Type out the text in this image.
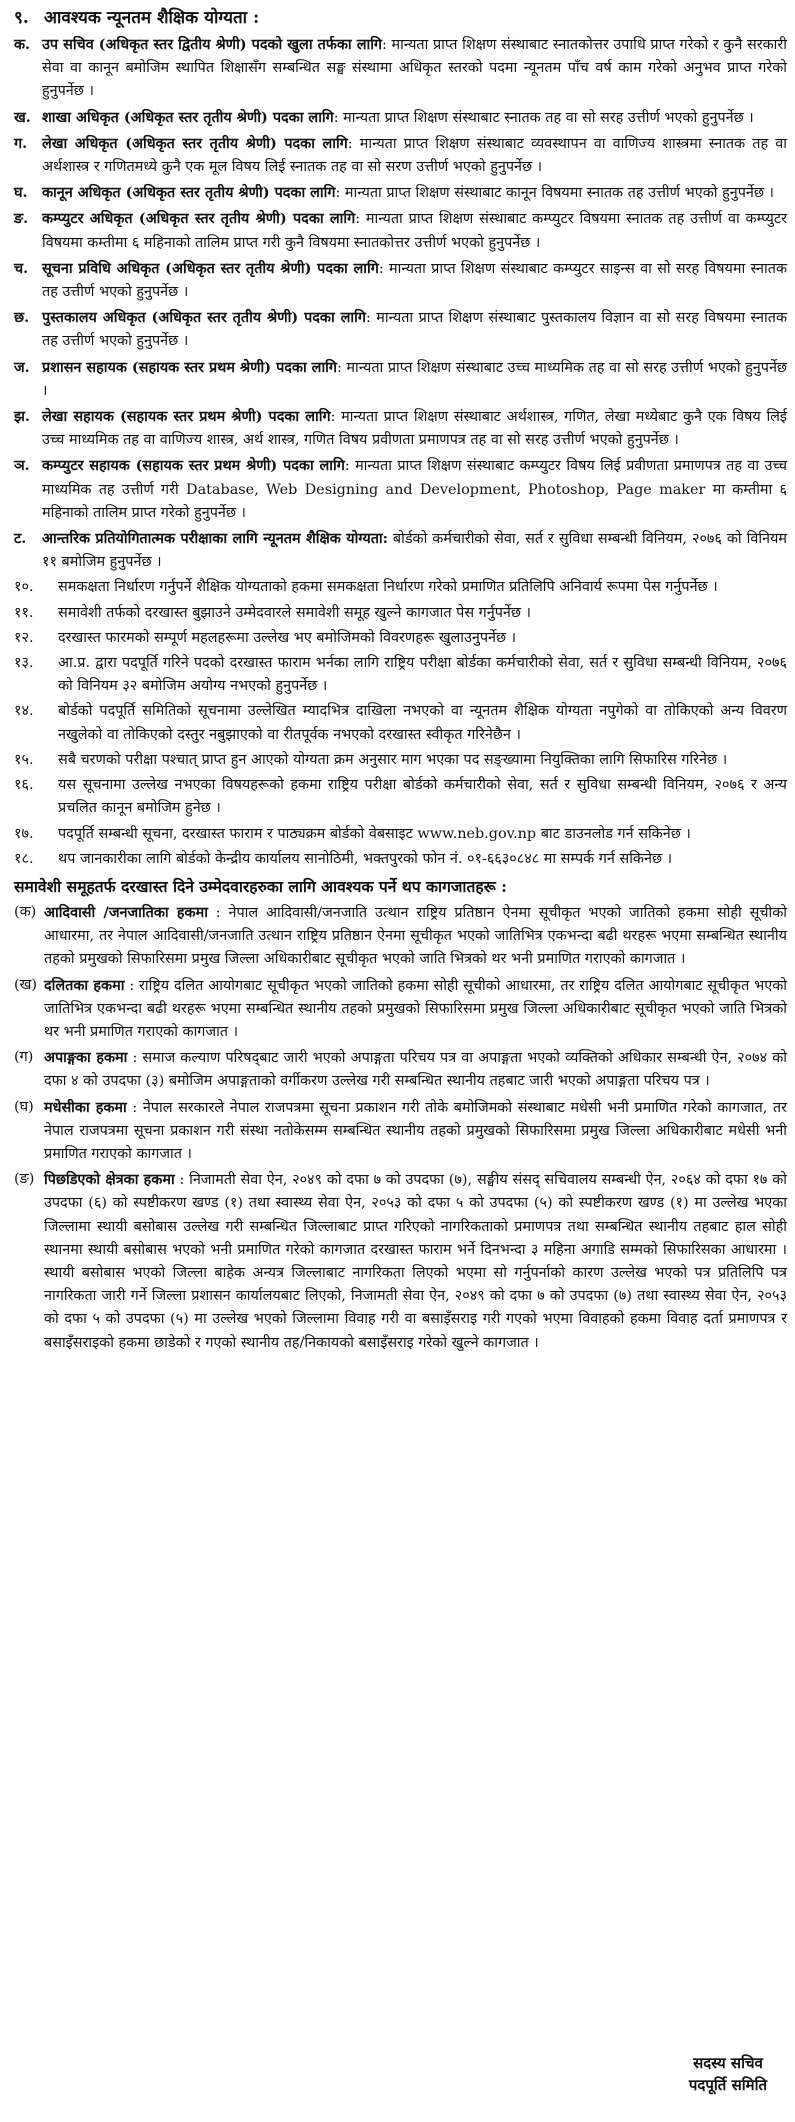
९. आवश्यक न्यूनतम शैक्षिक योग्यता :
क. उप सचिव (अधिकृत स्तर द्वितीय श्रेणी) पदको खुला तर्फका लागि: मान्यता प्राप्त शिक्षण संस्थाबाट स्नातकोत्तर उपाधि प्राप्त गरेको र कुनै सरकारी सेवा वा कानून बमोजिम स्थापित शिक्षासँग सम्बन्धित सङ्घ संस्थामा अधिकृत स्तरको पदमा न्यूनतम पाँच वर्ष काम गरेको अनुभव प्राप्त गरेको हुनुपर्नेछ ।
ख. शाखा अधिकृत (अधिकृत स्तर तृतीय श्रेणी) पदका लागि: मान्यता प्राप्त शिक्षण संस्थाबाट स्नातक तह वा सो सरह उत्तीर्ण भएको हुनुपर्नेछ ।
ग.	लेखा अधिकृत (अधिकृत स्तर तृतीय श्रेणी) पदका लागि: मान्यता प्राप्त शिक्षण संस्थाबाट व्यवस्थापन वा वाणिज्य शास्त्रमा स्नातक तह वा अर्थशास्त्र र गणितमध्ये कुनै एक मूल विषय लिई स्नातक तह वा सो सरण उत्तीर्ण भएको हुनुपर्नेछ ।
घ.	कानून अधिकृत (अधिकृत स्तर तृतीय श्रेणी) पदका लागि: मान्यता प्राप्त शिक्षण संस्थाबाट कानून विषयमा स्नातक तह उत्तीर्ण भएको हुनुपर्नेछ ।
ङ. कम्प्युटर अधिकृत (अधिकृत स्तर तृतीय श्रेणी) पदका लागि: मान्यता प्राप्त शिक्षण संस्थाबाट कम्प्युटर विषयमा स्नातक तह उत्तीर्ण वा कम्प्युटर विषयमा कम्तीमा ६ महिनाको तालिम प्राप्त गरी कुनै विषयमा स्नातकोत्तर उत्तीर्ण भएको हुनुपर्नेछ ।
च. सूचना प्रविधि अधिकृत (अधिकृत स्तर तृतीय श्रेणी) पदका लागि: मान्यता प्राप्त शिक्षण संस्थाबाट कम्प्युटर साइन्स वा सो सरह विषयमा स्नातक तह उत्तीर्ण भएको हुनुपर्नेछ ।
छ. पुस्तकालय अधिकृत (अधिकृत स्तर तृतीय श्रेणी) पदका लागि: मान्यता प्राप्त शिक्षण संस्थाबाट पुस्तकालय विज्ञान वा सो सरह विषयमा स्नातक तह उत्तीर्ण भएको हुनुपर्नेछ ।
ज. प्रशासन सहायक (सहायक स्तर प्रथम श्रेणी) पदका लागि: मान्यता प्राप्त शिक्षण संस्थाबाट उच्च माध्यमिक तह वा सो सरह उत्तीर्ण भएको हुनुपर्नेछ ।
झ. लेखा सहायक (सहायक स्तर प्रथम श्रेणी) पदका लागि: मान्यता प्राप्त शिक्षण संस्थाबाट अर्थशास्त्र, गणित, लेखा मध्येबाट कुनै एक विषय लिई उच्च माध्यमिक तह वा वाणिज्य शास्त्र, अर्थ शास्त्र, गणित विषय प्रवीणता प्रमाणपत्र तह वा सो सरह उत्तीर्ण भएको हुनुपर्नेछ ।
ञ. कम्प्युटर सहायक (सहायक स्तर प्रथम श्रेणी) पदका लागि: मान्यता प्राप्त शिक्षण संस्थाबाट कम्प्युटर विषय लिई प्रवीणता प्रमाणपत्र तह वा उच्च माध्यमिक तह उत्तीर्ण गरी Database, Web Designing and Development, Photoshop, Page maker मा कम्तीमा ६ महिनाको तालिम प्राप्त गरेको हुनुपर्नेछ ।
ट.	आन्तरिक प्रतियोगितात्मक परीक्षाका लागि न्यूनतम शैक्षिक योग्यता: बोर्डको कर्मचारीको सेवा, सर्त र सुविधा सम्बन्धी विनियम, २०७६ को विनियम ११ बमोजिम हुनुपर्नेछ ।
१०.	समकक्षता निर्धारण गर्नुपर्ने शैक्षिक योग्यताको हकमा समकक्षता निर्धारण गरेको प्रमाणित प्रतिलिपि अनिवार्य रूपमा पेस गर्नुपर्नेछ ।
११.	समावेशी तर्फको दरखास्त बुझाउने उम्मेदवारले समावेशी समूह खुल्ने कागजात पेस गर्नुपर्नेछ ।
१२.	दरखास्त फारमको सम्पूर्ण महलहरूमा उल्लेख भए बमोजिमको विवरणहरू खुलाउनुपर्नेछ ।
१३.	आ.प्र. द्वारा पदपूर्ति गरिने पदको दरखास्त फाराम भर्नका लागि राष्ट्रिय परीक्षा बोर्डका कर्मचारीको सेवा, सर्त र सुविधा सम्बन्धी विनियम, २०७६ को विनियम ३२ बमोजिम अयोग्य नभएको हुनुपर्नेछ ।
१४.	बोर्डको पदपूर्ति समितिको सूचनामा उल्लेखित म्यादभित्र दाखिला नभएको वा न्यूनतम शैक्षिक योग्यता नपुगेको वा तोकिएको अन्य विवरण नखुलेको वा तोकिएको दस्तुर नबुझाएको वा रीतपूर्वक नभएको दरखास्त स्वीकृत गरिनेछैन ।
१५.	सबै चरणको परीक्षा पश्चात् प्राप्त हुन आएको योग्यता क्रम अनुसार माग भएका पद सङ्ख्यामा नियुक्तिका लागि सिफारिस गरिनेछ ।
१६.	यस सूचनामा उल्लेख नभएका विषयहरूको हकमा राष्ट्रिय परीक्षा बोर्डको कर्मचारीको सेवा, सर्त र सुविधा सम्बन्धी विनियम, २०७६ र अन्य प्रचलित कानून बमोजिम हुनेछ ।
१७.	पदपूर्ति सम्बन्धी सूचना, दरखास्त फाराम र पाठ्यक्रम बोर्डको वेबसाइट www.neb.gov.np बाट डाउनलोड गर्न सकिनेछ ।
१८.	थप जानकारीका लागि बोर्डको केन्द्रीय कार्यालय सानोठिमी, भक्तपुरको फोन नं. ०१-६६३०८४८ मा सम्पर्क गर्न सकिनेछ ।
समावेशी समूहतर्फ दरखास्त दिने उम्मेदवारहरुका लागि आवश्यक पर्ने थप कागजातहरू :
(क) आदिवासी /जनजातिका हकमा : नेपाल आदिवासी/जनजाति उत्थान राष्ट्रिय प्रतिष्ठान ऐनमा सूचीकृत भएको जातिको हकमा सोही सूचीको आधारमा, तर नेपाल आदिवासी/जनजाति उत्थान राष्ट्रिय प्रतिष्ठान ऐनमा सूचीकृत भएको जातिभित्र एकभन्दा बढी थरहरू भएमा सम्बन्धित स्थानीय तहको प्रमुखको सिफारिसमा प्रमुख जिल्ला अधिकारीबाट सूचीकृत भएको जाति भित्रको थर भनी प्रमाणित गराएको कागजात ।
(ख) दलितका हकमा : राष्ट्रिय दलित आयोगबाट सूचीकृत भएको जातिको हकमा सोही सूचीको आधारमा, तर राष्ट्रिय दलित आयोगबाट सूचीकृत भएको जातिभित्र एकभन्दा बढी थरहरू भएमा सम्बन्धित स्थानीय तहको प्रमुखको सिफारिसमा प्रमुख जिल्ला अधिकारीबाट सूचीकृत भएको जाति भित्रको थर भनी प्रमाणित गराएको कागजात ।
(ग) अपाङ्गका हकमा : समाज कल्याण परिषद्‌बाट जारी भएको अपाङ्गता परिचय पत्र वा अपाङ्गता भएको व्यक्तिको अधिकार सम्बन्धी ऐन, २०७४ को दफा ४ को उपदफा (३) बमोजिम अपाङ्गताको वर्गीकरण उल्लेख गरी सम्बन्धित स्थानीय तहबाट जारी भएको अपाङ्गता परिचय पत्र ।
(घ) मधेसीका हकमा : नेपाल सरकारले नेपाल राजपत्रमा सूचना प्रकाशन गरी तोके बमोजिमको संस्थाबाट मधेसी भनी प्रमाणित गरेको कागजात, तर नेपाल राजपत्रमा सूचना प्रकाशन गरी संस्था नतोकेसम्म सम्बन्धित स्थानीय तहको प्रमुखको सिफारिसमा प्रमुख जिल्ला अधिकारीबाट मधेसी भनी प्रमाणित गराएको कागजात ।
(ङ) पिछडिएको क्षेत्रका हकमा : निजामती सेवा ऐन, २०४९ को दफा ७ को उपदफा (७), सङ्घीय संसद् सचिवालय सम्बन्धी ऐन, २०६४ को दफा १७ को उपदफा (६) को स्पष्टीकरण खण्ड (१) तथा स्वास्थ्य सेवा ऐन, २०५३ को दफा ५ को उपदफा (५) को स्पष्टीकरण खण्ड (१) मा उल्लेख भएका जिल्लामा स्थायी बसोबास उल्लेख गरी सम्बन्धित जिल्लाबाट प्राप्त गरिएको नागरिकताको प्रमाणपत्र तथा सम्बन्धित स्थानीय तहबाट हाल सोही स्थानमा स्थायी बसोबास भएको भनी प्रमाणित गरेको कागजात दरखास्त फाराम भर्ने दिनभन्दा ३ महिना अगाडि सम्मको सिफारिसका आधारमा । स्थायी बसोबास भएको जिल्ला बाहेक अन्यत्र जिल्लाबाट नागरिकता लिएको भएमा सो गर्नुपर्नाको कारण उल्लेख भएको पत्र प्रतिलिपि पत्र नागरिकता जारी गर्ने जिल्ला प्रशासन कार्यालयबाट लिएको, निजामती सेवा ऐन, २०४९ को दफा ७ को उपदफा (७) तथा स्वास्थ्य सेवा ऐन, २०५३ को दफा ५ को उपदफा (५) मा उल्लेख भएको जिल्लामा विवाह गरी वा बसाइँसराइ गरी गएको भएमा विवाहको हकमा विवाह दर्ता प्रमाणपत्र र बसाइँसराइको हकमा छाडेको र गएको स्थानीय तह/निकायको बसाइँसराइ गरेको खुल्ने कागजात ।
सदस्य सचिव
पदपूर्ति समिति
